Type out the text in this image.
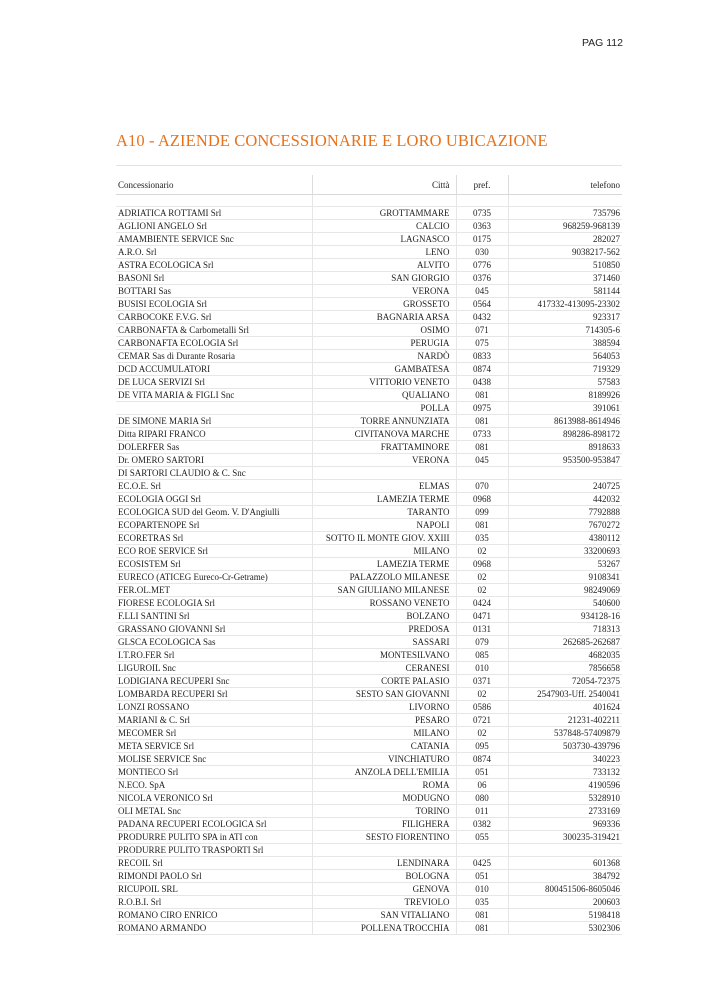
PAG 112
A10 - AZIENDE CONCESSIONARIE E LORO UBICAZIONE
Concessionario	Città	pref.	telefono

ADRIATICA ROTTAMI Srl	GROTTAMMARE	0735	735796
AGLIONI ANGELO Srl	CALCIO	0363	968259-968139
AMAMBIENTE SERVICE Snc	LAGNASCO	0175	282027
A.R.O. Srl	LENO	030	9038217-562
ASTRA ECOLOGICA Srl	ALVITO	0776	510850
BASONI Srl	SAN GIORGIO	0376	371460
BOTTARI Sas	VERONA	045	581144
BUSISI ECOLOGIA Srl	GROSSETO	0564	417332-413095-23302
CARBOCOKE F.V.G. Srl	BAGNARIA ARSA	0432	923317
CARBONAFTA & Carbometalli Srl	OSIMO	071	714305-6
CARBONAFTA ECOLOGIA Srl	PERUGIA	075	388594
CEMAR Sas di Durante Rosaria	NARDÒ	0833	564053
DCD ACCUMULATORI	GAMBATESA	0874	719329
DE LUCA SERVIZI Srl	VITTORIO VENETO	0438	57583
DE VITA MARIA & FIGLI Snc	QUALIANO	081	8189926
	POLLA	0975	391061
DE SIMONE MARIA Srl	TORRE ANNUNZIATA	081	8613988-8614946
Ditta RIPARI FRANCO	CIVITANOVA MARCHE	0733	898286-898172
DOLERFER Sas	FRATTAMINORE	081	8918633
Dr. OMERO SARTORI	VERONA	045	953500-953847
DI SARTORI CLAUDIO & C. Snc			
EC.O.E. Srl	ELMAS	070	240725
ECOLOGIA OGGI Srl	LAMEZIA TERME	0968	442032
ECOLOGICA SUD del Geom. V. D'Angiulli	TARANTO	099	7792888
ECOPARTENOPE Srl	NAPOLI	081	7670272
ECORETRAS Srl	SOTTO IL MONTE GIOV. XXIII	035	4380112
ECO ROE SERVICE Srl	MILANO	02	33200693
ECOSISTEM Srl	LAMEZIA TERME	0968	53267
EURECO (ATICEG Eureco-Cr-Getrame)	PALAZZOLO MILANESE	02	9108341
FER.OL.MET	SAN GIULIANO MILANESE	02	98249069
FIORESE ECOLOGIA Srl	ROSSANO VENETO	0424	540600
F.LLI SANTINI Srl	BOLZANO	0471	934128-16
GRASSANO GIOVANNI Srl	PREDOSA	0131	718313
GLSCA ECOLOGICA Sas	SASSARI	079	262685-262687
I.T.RO.FER Srl	MONTESILVANO	085	4682035
LIGUROIL Snc	CERANESI	010	7856658
LODIGIANA RECUPERI Snc	CORTE PALASIO	0371	72054-72375
LOMBARDA RECUPERI Srl	SESTO SAN GIOVANNI	02	2547903-Uff. 2540041
LONZI ROSSANO	LIVORNO	0586	401624
MARIANI & C. Srl	PESARO	0721	21231-402211
MECOMER Srl	MILANO	02	537848-57409879
META SERVICE Srl	CATANIA	095	503730-439796
MOLISE SERVICE Snc	VINCHIATURO	0874	340223
MONTIECO Srl	ANZOLA DELL'EMILIA	051	733132
N.ECO. SpA	ROMA	06	4190596
NICOLA VERONICO Srl	MODUGNO	080	5328910
OLI METAL Snc	TORINO	011	2733169
PADANA RECUPERI ECOLOGICA Srl	FILIGHERA	0382	969336
PRODURRE PULITO SPA in ATI con	SESTO FIORENTINO	055	300235-319421
PRODURRE PULITO TRASPORTI Srl			
RECOIL Srl	LENDINARA	0425	601368
RIMONDI PAOLO Srl	BOLOGNA	051	384792
RICUPOIL SRL	GENOVA	010	800451506-8605046
R.O.B.I. Srl	TREVIOLO	035	200603
ROMANO CIRO ENRICO	SAN VITALIANO	081	5198418
ROMANO ARMANDO	POLLENA TROCCHIA	081	5302306
